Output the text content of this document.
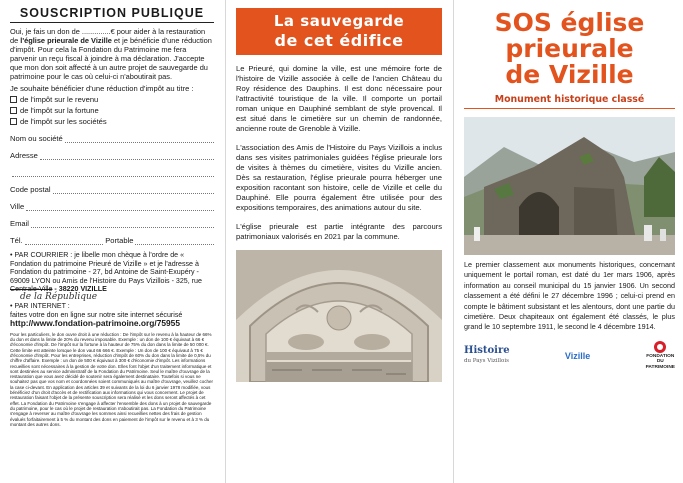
SOUSCRIPTION PUBLIQUE
Oui, je fais un don de ..............€ pour aider à la restauration de l'église prieurale de Vizille et je bénéficie d'une réduction d'impôt. Pour cela la Fondation du Patrimoine me fera parvenir un reçu fiscal à joindre à ma déclaration. J'accepte que mon don soit affecté à un autre projet de sauvegarde du patrimoine pour le cas où celui-ci n'aboutirait pas.
Je souhaite bénéficier d'une réduction d'impôt au titre :
de l'impôt sur le revenu
de l'impôt sur la fortune
de l'impôt sur les sociétés
Nom ou société
Adresse
Code postal
Ville
Email
Tél.	Portable
• PAR COURRIER : je libelle mon chèque à l'ordre de « Fondation du patrimoine Prieuré de Vizille » et je l'adresse à Fondation du patrimoine - 27, bd Antoine de Saint-Exupéry - 69009 LYON ou Amis de l'Histoire du Pays Vizillois - 325, rue Centrale-Ville - 38220 VIZILLE
de la République
• PAR INTERNET :
faites votre don en ligne sur notre site internet sécurisé http://www.fondation-patrimoine.org/75955
Pour les particuliers, le don ouvre droit à une réduction : De l'impôt sur le revenu à la hauteur de 66% du don et dans la limite de 20% du revenu imposable. Exemple : un don de 100 € équivaut à 66 € d'économie d'impôt. De l'impôt sur la fortune à la hauteur de 75% du don dans la limite de 50 000 €. Cette limite est atteinte lorsque le don vaut 66 666 €. Exemple : Un don de 100 € équivaut à 75 € d'économie d'impôt. Pour les entreprises, réduction d'impôt de 60% du don dans la limite de 0,5% du chiffre d'affaire. Exemple : un don de 500 € équivaut à 300 € d'économie d'impôt. Les informations recueillies sont nécessaires à la gestion de votre don. Elles font l'objet d'un traitement informatique et sont destinées au service administratif de la Fondation du Patrimoine. Seul le maître d'ouvrage de la restauration que vous avez décidé de soutenir sera également destinataire. Toutefois si vous ne souhaitez pas que vos nom et coordonnées soient communiqués au maître d'ouvrage, veuillez cocher la case ci-devant. En application des articles 39 et suivants de la loi du 6 janvier 1978 modifiée, vous bénéficiez d'un droit d'accès et de rectification aux informations qui vous concernent. Le projet de restauration faisant l'objet de la présente souscription sera réalisé et les dons seront affectés à cet effet. La Fondation du Patrimoine s'engage à affecter l'ensemble des dons à un projet de sauvegarde du patrimoine, pour le cas où le projet de restauration n'aboutirait pas. La Fondation du Patrimoine s'engage à reverser au maître d'ouvrage les sommes ainsi recueillies nettes des frais de gestion évalués forfaitairement à 5 % du montant des dons en paiement de l'impôt sur le revenu et à 3 % du montant des autres dons.
La sauvegarde
de cet édifice
Le Prieuré, qui domine la ville, est une mémoire forte de l'histoire de Vizille associée à celle de l'ancien Château du Roy résidence des Dauphins. Il est donc nécessaire pour l'attractivité touristique de la ville. Il comporte un portail roman unique en Dauphiné semblant de style provencal. Il est situé dans le cimetière sur un chemin de randonnée, ancienne route de Grenoble à Vizille.
L'association des Amis de l'Histoire du Pays Vizillois a inclus dans ses visites patrimoniales guidées l'église prieurale lors de visites à thèmes du cimetière, visites du Vizille ancien. Dès sa restauration, l'église prieurale pourra héberger une exposition racontant son histoire, celle de Vizille et celle du Dauphiné. Elle pourra également être utilisée pour des expositions temporaires, des animations autour du site.
L'église prieurale est partie intégrante des parcours patrimoniaux valorisés en 2021 par la commune.
SOS église
prieurale
de Vizille
Monument historique classé
Le premier classement aux monuments historiques, concernant uniquement le portail roman, est daté du 1er mars 1906, après information au conseil municipal du 15 janvier 1906. Un second classement a été défini le 27 décembre 1996 ; celui-ci prend en compte le bâtiment subsistant et les alentours, dont une partie du cimetière. Deux chapiteaux ont également été classés, le plus grand le 10 septembre 1911, le second le 4 décembre 1914.
Histoire
du Pays Vizillois	Vizille	FONDATION
DU
PATRIMOINE
